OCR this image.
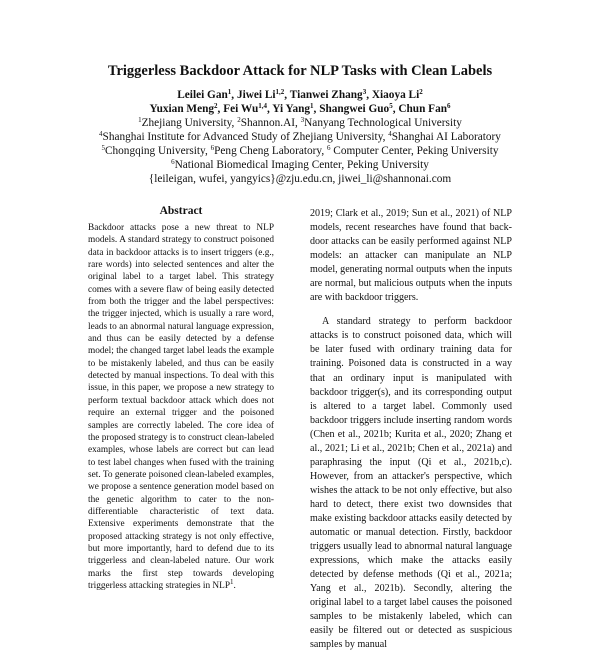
Triggerless Backdoor Attack for NLP Tasks with Clean Labels
Leilei Gan$^1$, Jiwei Li$^{1,2}$, Tianwei Zhang$^3$, Xiaoya Li$^2$
Yuxian Meng$^2$, Fei Wu$^{1,4}$, Yi Yang$^1$, Shangwei Guo$^5$, Chun Fan$^6$
$^1$Zhejiang University, $^2$Shannon.AI, $^3$Nanyang Technological University
$^4$Shanghai Institute for Advanced Study of Zhejiang University, $^4$Shanghai AI Laboratory
$^5$Chongqing University, $^6$Peng Cheng Laboratory, $^6$ Computer Center, Peking University
$^6$National Biomedical Imaging Center, Peking University
{leileigan, wufei, yangyics}@zju.edu.cn, jiwei_li@shannonai.com
Abstract
Backdoor attacks pose a new threat to NLP models. A standard strategy to construct poisoned data in backdoor attacks is to insert triggers (e.g., rare words) into selected sentences and alter the original label to a target label. This strategy comes with a severe flaw of being easily detected from both the trigger and the label perspectives: the trigger injected, which is usually a rare word, leads to an abnormal natural language expression, and thus can be easily detected by a defense model; the changed target label leads the example to be mistakenly labeled, and thus can be easily detected by manual inspections. To deal with this issue, in this paper, we propose a new strategy to perform textual backdoor attack which does not require an external trigger and the poisoned samples are correctly labeled. The core idea of the proposed strategy is to construct clean-labeled examples, whose labels are correct but can lead to test label changes when fused with the training set. To generate poisoned clean-labeled examples, we propose a sentence generation model based on the genetic algorithm to cater to the non-differentiable characteristic of text data. Extensive experiments demonstrate that the proposed attacking strategy is not only effective, but more importantly, hard to defend due to its triggerless and clean-labeled nature. Our work marks the first step towards developing triggerless attacking strategies in NLP$^1$.

2019; Clark et al., 2019; Sun et al., 2021) of NLP models, recent researches have found that backdoor attacks can be easily performed against NLP models: an attacker can manipulate an NLP model, generating normal outputs when the inputs are normal, but malicious outputs when the inputs are with backdoor triggers.

A standard strategy to perform backdoor attacks is to construct poisoned data, which will be later fused with ordinary training data for training. Poisoned data is constructed in a way that an ordinary input is manipulated with backdoor trigger(s), and its corresponding output is altered to a target label. Commonly used backdoor triggers include inserting random words (Chen et al., 2021b; Kurita et al., 2020; Zhang et al., 2021; Li et al., 2021b; Chen et al., 2021a) and paraphrasing the input (Qi et al., 2021b,c). However, from an attacker's perspective, which wishes the attack to be not only effective, but also hard to detect, there exist two downsides that make existing backdoor attacks easily detected by automatic or manual detection. Firstly, backdoor triggers usually lead to abnormal natural language expressions, which make the attacks easily detected by defense methods (Qi et al., 2021a; Yang et al., 2021b). Secondly, altering the original label to a target label causes the poisoned samples to be mistakenly labeled, which can easily be filtered out or detected as suspicious samples by manual
